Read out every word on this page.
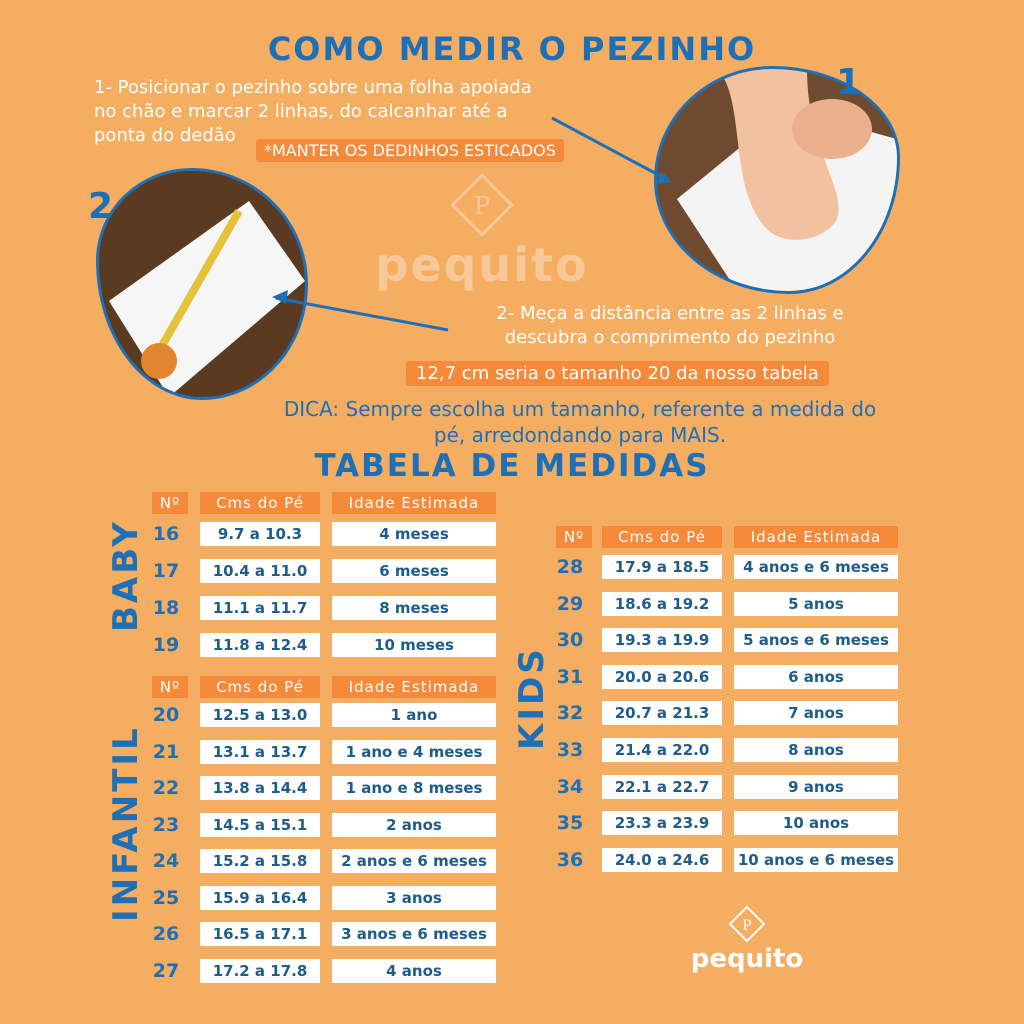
COMO MEDIR O PEZINHO
P
pequito
1- Posicionar o pezinho sobre uma folha apoiada
no chão e marcar 2 linhas, do calcanhar até a
ponta do dedão
*MANTER OS DEDINHOS ESTICADOS
1
2
2- Meça a distância entre as 2 linhas e
descubra o comprimento do pezinho
12,7 cm seria o tamanho 20 da nosso tabela
DICA: Sempre escolha um tamanho, referente a medida do
pé, arredondando para MAIS.
TABELA DE MEDIDAS
BABY
INFANTIL
KIDS
Nº	Cms do Pé	Idade Estimada
16	9.7 a 10.3	4 meses
17	10.4 a 11.0	6 meses
18	11.1 a 11.7	8 meses
19	11.8 a 12.4	10 meses
Nº	Cms do Pé	Idade Estimada
20	12.5 a 13.0	1 ano
21	13.1 a 13.7	1 ano e 4 meses
22	13.8 a 14.4	1 ano e 8 meses
23	14.5 a 15.1	2 anos
24	15.2 a 15.8	2 anos e 6 meses
25	15.9 a 16.4	3 anos
26	16.5 a 17.1	3 anos e 6 meses
27	17.2 a 17.8	4 anos
Nº	Cms do Pé	Idade Estimada
28	17.9 a 18.5	4 anos e 6 meses
29	18.6 a 19.2	5 anos
30	19.3 a 19.9	5 anos e 6 meses
31	20.0 a 20.6	6 anos
32	20.7 a 21.3	7 anos
33	21.4 a 22.0	8 anos
34	22.1 a 22.7	9 anos
35	23.3 a 23.9	10 anos
36	24.0 a 24.6	10 anos e 6 meses
P
pequito
